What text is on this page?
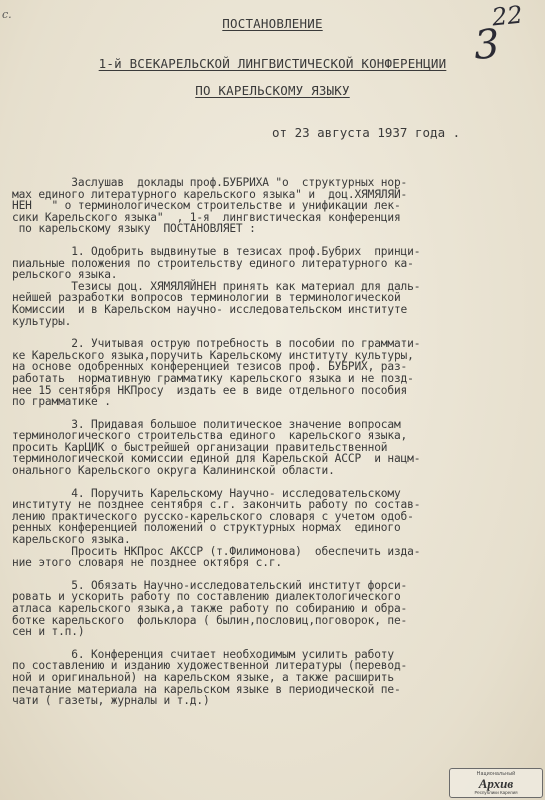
с.	22
3
ПОСТАНОВЛЕНИЕ
1-й ВСЕКАРЕЛЬСКОЙ ЛИНГВИСТИЧЕСКОЙ КОНФЕРЕНЦИИ
ПО КАРЕЛЬСКОМУ ЯЗЫКУ
от 23 августа 1937 года .
Заслушав  доклады проф.БУБРИХА "о  структурных нор-
мах единого литературного карельского языка" и  доц.ХЯМЯЛЯЙ-
НЕН   " о терминологическом строительстве и унификации лек-
сики Карельского языка"  , 1-я  лингвистическая конференция
по карельскому языку  ПОСТАНОВЛЯЕТ :
1. Одобрить выдвинутые в тезисах проф.Бубрих  принци-
пиальные положения по строительству единого литературного ка-
рельского языка.
Тезисы доц. ХЯМЯЛЯЙНЕН принять как материал для даль-
нейшей разработки вопросов терминологии в терминологической
Комиссии  и в Карельском научно- исследовательском институте
культуры.
2. Учитывая острую потребность в пособии по граммати-
ке Карельского языка,поручить Карельскому институту культуры,
на основе одобренных конференцией тезисов проф. БУБРИХ, раз-
работать  нормативную грамматику карельского языка и не позд-
нее 15 сентября НКПросу  издать ее в виде отдельного пособия
по грамматике .
3. Придавая большое политическое значение вопросам
терминологического строительства единого  карельского языка,
просить КарЦИК о быстрейшей организации правительственной
терминологической комиссии единой для Карельской АССР  и нацм-
онального Карельского округа Калининской области.
4. Поручить Карельскому Научно- исследовательскому
институту не позднее сентября с.г. закончить работу по состав-
лению практического русско-карельского словаря с учетом одоб-
ренных конференцией положений о структурных нормах  единого
карельского языка.
Просить НКПрос АКССР (т.Филимонова)  обеспечить изда-
ние этого словаря не позднее октября с.г.
5. Обязать Научно-исследовательский институт форси-
ровать и ускорить работу по составлению диалектологического
атласа карельского языка,а также работу по собиранию и обра-
ботке карельского  фольклора ( былин,пословиц,поговорок, пе-
сен и т.п.)
6. Конференция считает необходимым усилить работу
по составлению и изданию художественной литературы (перевод-
ной и оригинальной) на карельском языке, а также расширить
печатание материала на карельском языке в периодической пе-
чати ( газеты, журналы и т.д.)
Национальный
Архив
Республики Карелия
